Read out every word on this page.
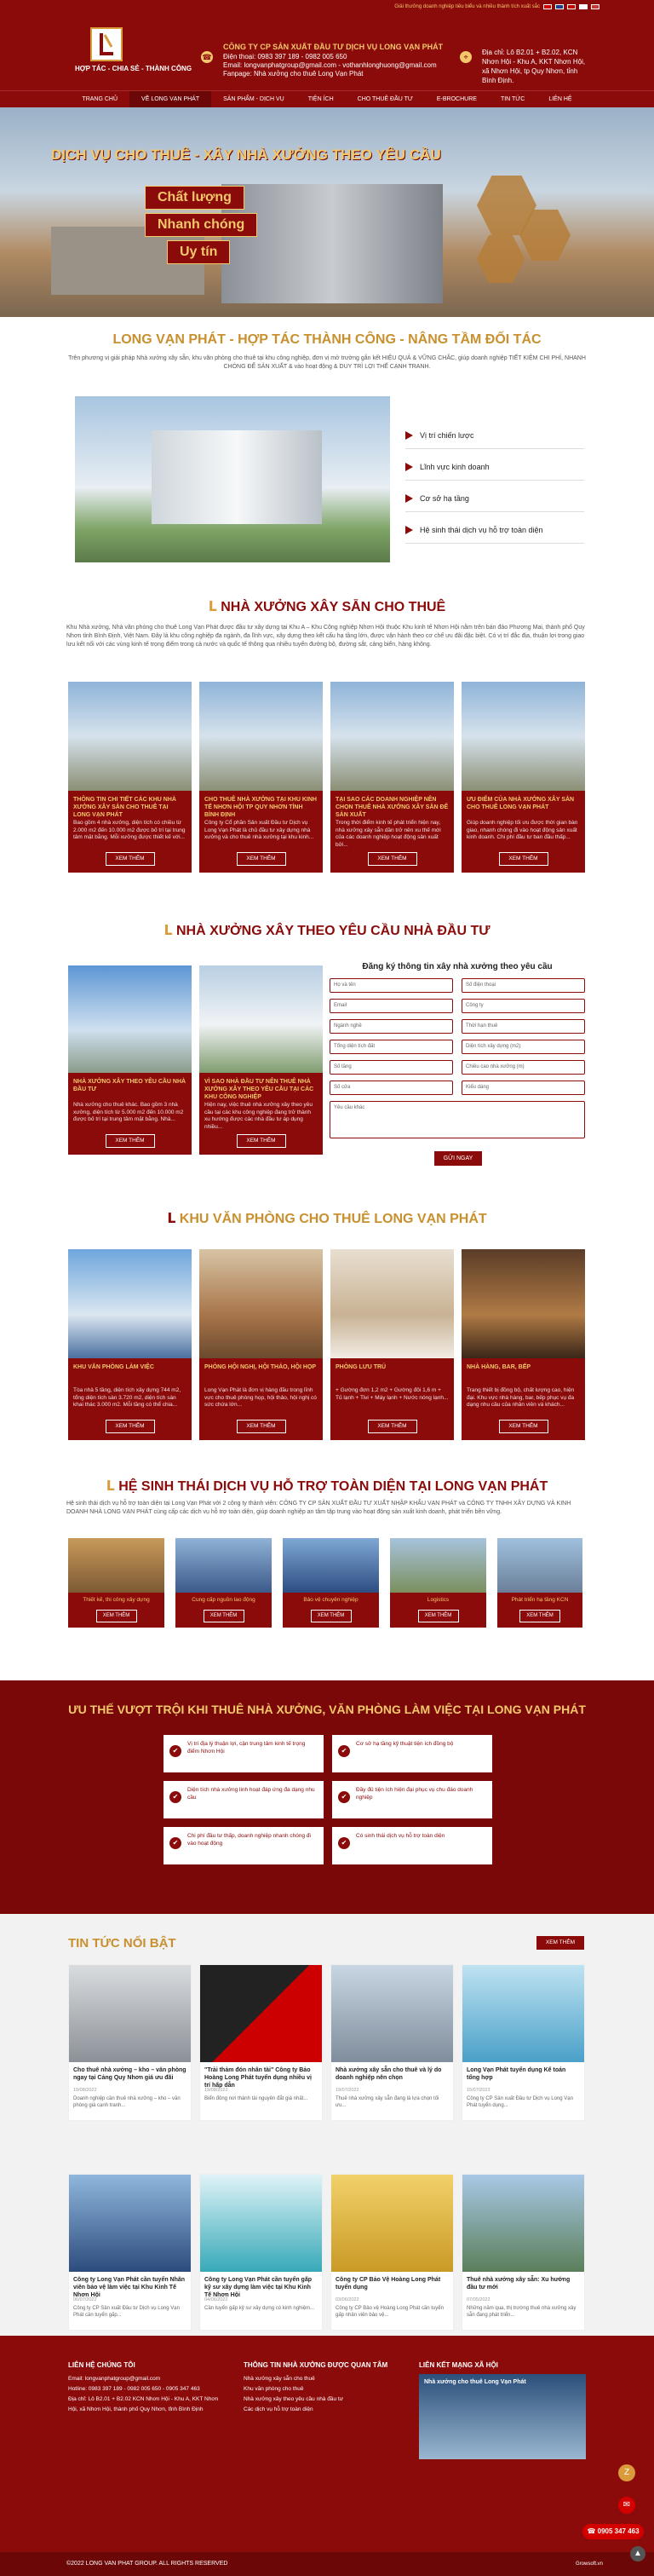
Giải thưởng doanh nghiệp tiêu biểu và nhiều thành tích xuất sắc
HỢP TÁC - CHIA SẺ - THÀNH CÔNG
☎
CÔNG TY CP SẢN XUẤT ĐẦU TƯ DỊCH VỤ LONG VẠN PHÁT
Điện thoại: 0983 397 189 - 0982 005 650
Email: longvanphatgroup@gmail.com - vothanhlonghuong@gmail.com
Fanpage: Nhà xưởng cho thuê Long Vạn Phát
⌖
Địa chỉ: Lô B2.01 + B2.02, KCN Nhơn Hội - Khu A, KKT Nhơn Hội, xã Nhơn Hội, tp Quy Nhơn, tỉnh Bình Định.
TRANG CHỦ	VỀ LONG VẠN PHÁT	SẢN PHẨM - DỊCH VỤ	TIỆN ÍCH	CHO THUÊ ĐẦU TƯ	E-BROCHURE	TIN TỨC	LIÊN HỆ
DỊCH VỤ CHO THUÊ - XÂY NHÀ XƯỞNG THEO YÊU CẦU
Chất lượng
Nhanh chóng
Uy tín
LONG VẠN PHÁT - HỢP TÁC THÀNH CÔNG - NÂNG TẦM ĐỐI TÁC
Trên phương vị giải pháp Nhà xưởng xây sẵn, khu văn phòng cho thuê tại khu công nghiệp, đơn vị mở trường gắn kết HIỆU QUẢ & VỮNG CHẮC, giúp doanh nghiệp TIẾT KIỆM CHI PHÍ, NHANH CHÓNG ĐỂ SẢN XUẤT & vào hoạt động & DUY TRÌ LỢI THẾ CẠNH TRANH.
Vị trí chiến lược
Lĩnh vực kinh doanh
Cơ sở hạ tầng
Hệ sinh thái dịch vụ hỗ trợ toàn diện
ᒪ NHÀ XƯỞNG XÂY SẴN CHO THUÊ
Khu Nhà xưởng, Nhà văn phòng cho thuê Long Vạn Phát được đầu tư xây dựng tại Khu A – Khu Công nghiệp Nhơn Hội thuộc Khu kinh tế Nhơn Hội nằm trên bán đảo Phương Mai, thành phố Quy Nhơn tỉnh Bình Định, Việt Nam. Đây là khu công nghiệp đa ngành, đa lĩnh vực, xây dựng theo kết cấu hạ tầng lớn, được vận hành theo cơ chế ưu đãi đặc biệt. Có vị trí đắc địa, thuận lợi trong giao lưu kết nối với các vùng kinh tế trọng điểm trong cả nước và quốc tế thông qua nhiều tuyến đường bộ, đường sắt, cảng biển, hàng không.
THÔNG TIN CHI TIẾT CÁC KHU NHÀ XƯỞNG XÂY SẴN CHO THUÊ TẠI LONG VẠN PHÁT
Bao gồm 4 nhà xưởng, diện tích có chiều từ 2.000 m2 đến 10.000 m2 được bố trí tại trung tâm mặt bằng. Mỗi xưởng được thiết kế với...
XEM THÊM
CHO THUÊ NHÀ XƯỞNG TẠI KHU KINH TẾ NHƠN HỘI TP QUY NHƠN TỈNH BÌNH ĐỊNH
Công ty Cổ phần Sản xuất Đầu tư Dịch vụ Long Vạn Phát là chủ đầu tư xây dựng nhà xưởng và cho thuê nhà xưởng tại khu kinh...
XEM THÊM
TẠI SAO CÁC DOANH NGHIỆP NÊN CHỌN THUÊ NHÀ XƯỞNG XÂY SẴN ĐỂ SẢN XUẤT
Trong thời điểm kinh tế phát triển hiện nay, nhà xưởng xây sẵn dần trở nên xu thế mới của các doanh nghiệp hoạt động sản xuất bởi...
XEM THÊM
ƯU ĐIỂM CỦA NHÀ XƯỞNG XÂY SẴN CHO THUÊ LONG VẠN PHÁT
Giúp doanh nghiệp tối ưu được thời gian bàn giao, nhanh chóng đi vào hoạt động sản xuất kinh doanh. Chi phí đầu tư ban đầu thấp...
XEM THÊM
ᒪ NHÀ XƯỞNG XÂY THEO YÊU CẦU NHÀ ĐẦU TƯ
NHÀ XƯỞNG XÂY THEO YÊU CẦU NHÀ ĐẦU TƯ
Nhà xưởng cho thuê khác. Bao gồm 3 nhà xưởng, diện tích từ 5.000 m2 đến 10.000 m2 được bố trí tại trung tâm mặt bằng. Nhà...
XEM THÊM
VÌ SAO NHÀ ĐẦU TƯ NÊN THUÊ NHÀ XƯỞNG XÂY THEO YÊU CẦU TẠI CÁC KHU CÔNG NGHIỆP
Hiện nay, việc thuê nhà xưởng xây theo yêu cầu tại các khu công nghiệp đang trở thành xu hướng được các nhà đầu tư áp dụng nhiều...
XEM THÊM
Đăng ký thông tin xây nhà xưởng theo yêu cầu
Họ và tên	Số điện thoại
Email	Công ty
Ngành nghề	Thời hạn thuê
Tổng diện tích đất	Diện tích xây dựng (m2)
Số tầng	Chiều cao nhà xưởng (m)
Số cửa	Kiểu dáng
Yêu cầu khác
GỬI NGAY
ᒪ KHU VĂN PHÒNG CHO THUÊ LONG VẠN PHÁT
KHU VĂN PHÒNG LÀM VIỆC
Tòa nhà 5 tầng, diện tích xây dựng 744 m2, tổng diện tích sàn 3.720 m2, diện tích sàn khai thác 3.000 m2. Mỗi tầng có thể chia...
XEM THÊM
PHÒNG HỘI NGHỊ, HỘI THẢO, HỘI HỌP
Long Vạn Phát là đơn vị hàng đầu trong lĩnh vực cho thuê phòng họp, hội thảo, hội nghị có sức chứa lớn...
XEM THÊM
PHÒNG LƯU TRÚ
+ Gường đơn 1,2 m2 + Gường đôi 1,6 m + Tủ lạnh + Tivi + Máy lạnh + Nước nóng lạnh...
XEM THÊM
NHÀ HÀNG, BAR, BẾP
Trang thiết bị đồng bộ, chất lượng cao, hiện đại. Khu vực nhà hàng, bar, bếp phục vụ đa dạng nhu cầu của nhân viên và khách...
XEM THÊM
ᒪ HỆ SINH THÁI DỊCH VỤ HỖ TRỢ TOÀN DIỆN TẠI LONG VẠN PHÁT
Hệ sinh thái dịch vụ hỗ trợ toàn diện tại Long Vạn Phát với 2 công ty thành viên: CÔNG TY CP SẢN XUẤT ĐẦU TƯ XUẤT NHẬP KHẨU VẠN PHÁT và CÔNG TY TNHH XÂY DỰNG VÀ KINH DOANH NHÀ LONG VẠN PHÁT cùng cấp các dịch vụ hỗ trợ toàn diện, giúp doanh nghiệp an tâm tập trung vào hoạt động sản xuất kinh doanh, phát triển bền vững.
Thiết kế, thi công xây dựng
XEM THÊM
Cung cấp nguồn lao động
XEM THÊM
Bảo vệ chuyên nghiệp
XEM THÊM
Logistics
XEM THÊM
Phát triển hạ tầng KCN
XEM THÊM
ƯU THẾ VƯỢT TRỘI KHI THUÊ NHÀ XƯỞNG, VĂN PHÒNG LÀM VIỆC TẠI LONG VẠN PHÁT
✔
Vị trí địa lý thuận lợi, cận trung tâm kinh tế trọng điểm Nhơn Hội	✔
Cơ sở hạ tầng kỹ thuật tiện ích đồng bộ
✔
Diện tích nhà xưởng linh hoạt đáp ứng đa dạng nhu cầu	✔
Đầy đủ tiện ích hiện đại phục vụ chu đáo doanh nghiệp
✔
Chi phí đầu tư thấp, doanh nghiệp nhanh chóng đi vào hoạt động	✔
Có sinh thái dịch vụ hỗ trợ toàn diện
TIN TỨC NỔI BẬT	XEM THÊM
Cho thuê nhà xưởng – kho – văn phòng ngay tại Cảng Quy Nhơn giá ưu đãi
19/08/2022
Doanh nghiệp cần thuê nhà xưởng – kho – văn phòng giá cạnh tranh...
"Trải thảm đón nhân tài" Công ty Bảo Hoàng Long Phát tuyển dụng nhiều vị trí hấp dẫn
19/08/2022
Biển đông nơi thành tài nguyên đắt giá nhất...
Nhà xưởng xây sẵn cho thuê và lý do doanh nghiệp nên chọn
19/07/2022
Thuê nhà xưởng xây sẵn đang là lựa chọn tối ưu...
Long Vạn Phát tuyển dụng Kế toán tổng hợp
15/07/2022
Công ty CP Sản xuất Đầu tư Dịch vụ Long Vạn Phát tuyển dụng...
Công ty Long Vạn Phát cần tuyển Nhân viên bảo vệ làm việc tại Khu Kinh Tế Nhơn Hội
06/07/2022
Công ty CP Sản xuất Đầu tư Dịch vụ Long Vạn Phát cần tuyển gấp...
Công ty Long Vạn Phát cần tuyển gấp kỹ sư xây dựng làm việc tại Khu Kinh Tế Nhơn Hội
04/06/2022
Cần tuyển gấp kỹ sư xây dựng có kinh nghiệm...
Công ty CP Bảo Vệ Hoàng Long Phát tuyển dụng
03/06/2022
Công ty CP Bảo vệ Hoàng Long Phát cần tuyển gấp nhân viên bảo vệ...
Thuê nhà xưởng xây sẵn: Xu hướng đầu tư mới
07/05/2022
Những năm qua, thị trường thuê nhà xưởng xây sẵn đang phát triển...
LIÊN HỆ CHÚNG TÔI
Email: longvanphatgroup@gmail.com
Hotline: 0983 397 189 - 0982 005 650 - 0905 347 463
Địa chỉ: Lô B2.01 + B2.02 KCN Nhơn Hội - Khu A, KKT Nhơn Hội, xã Nhơn Hội, thành phố Quy Nhơn, tỉnh Bình Định
THÔNG TIN NHÀ XƯỞNG ĐƯỢC QUAN TÂM
Nhà xưởng xây sẵn cho thuê
Khu văn phòng cho thuê
Nhà xưởng xây theo yêu cầu nhà đầu tư
Các dịch vụ hỗ trợ toàn diện
LIÊN KẾT MẠNG XÃ HỘI
Nhà xưởng cho thuê Long Vạn Phát
©2022 LONG VAN PHAT GROUP. ALL RIGHTS RESERVED	Growsoft.vn
Z
✉
☎ 0905 347 463
▲
